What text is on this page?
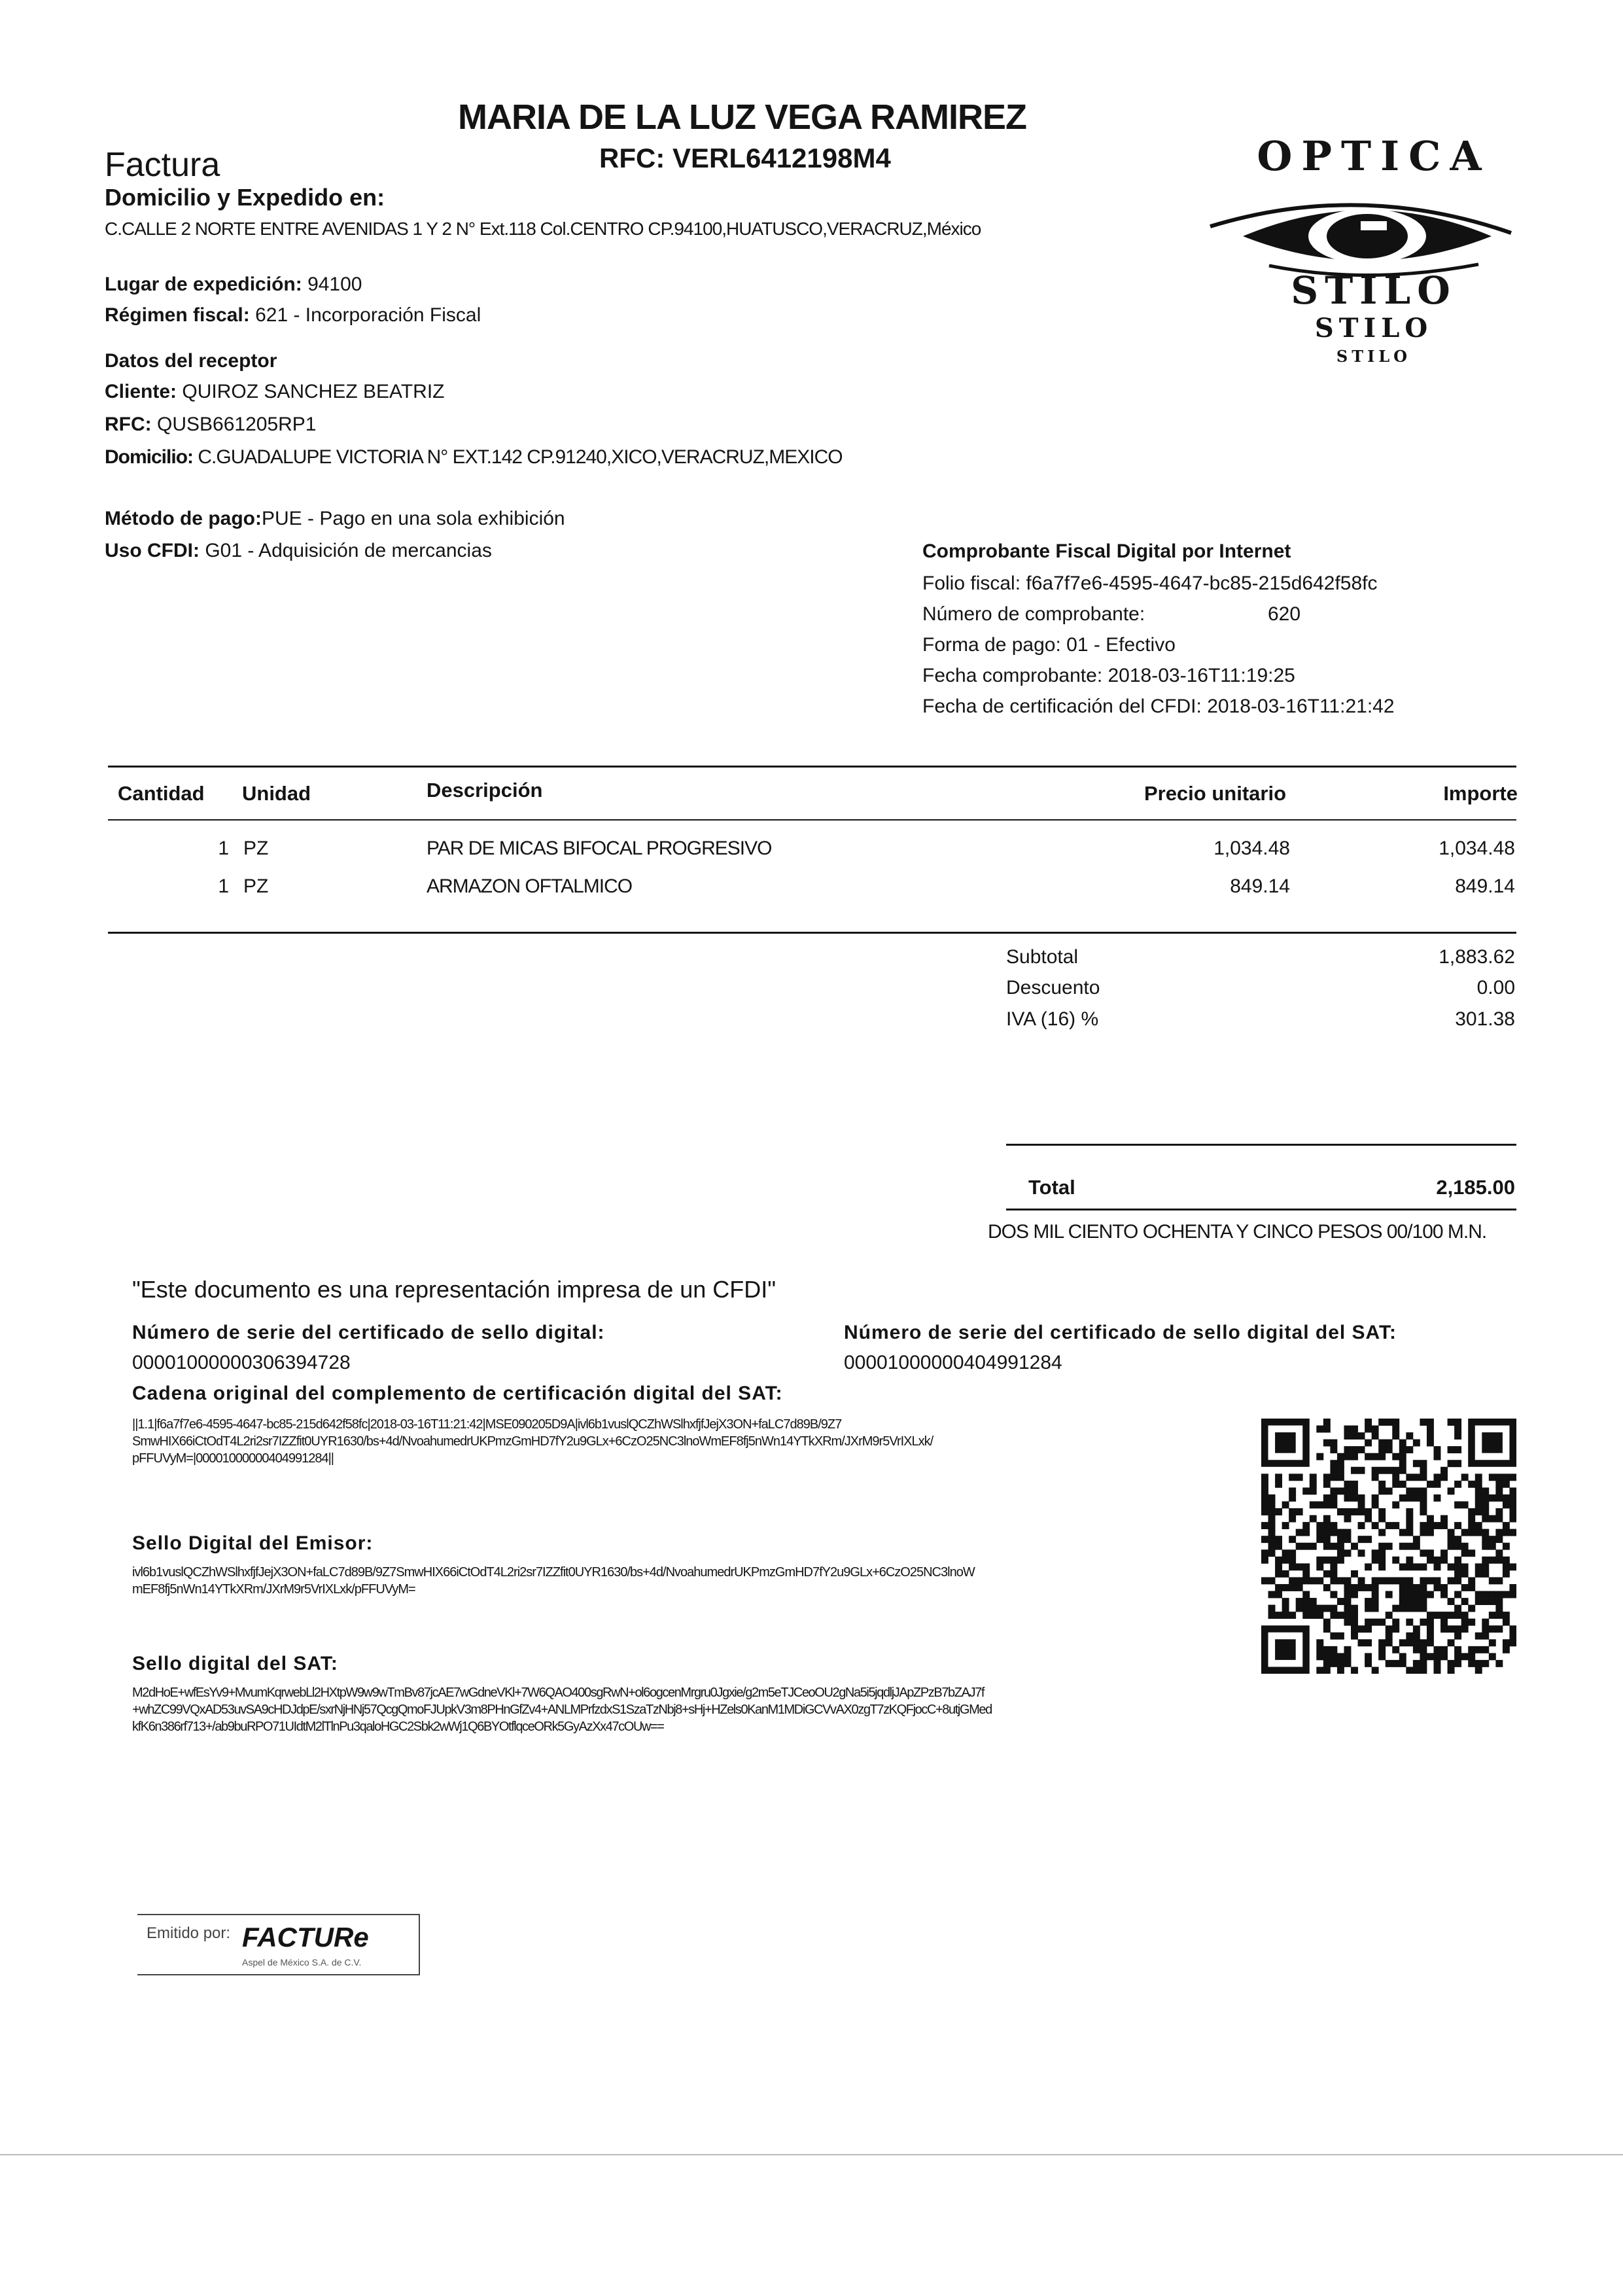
MARIA DE LA LUZ VEGA RAMIREZ
RFC: VERL6412198M4
Factura
Domicilio y Expedido en:
C.CALLE 2 NORTE ENTRE AVENIDAS 1 Y 2 N° Ext.118 Col.CENTRO CP.94100,HUATUSCO,VERACRUZ,México
OPTICA
STILO
STILO
STILO
Lugar de expedición: 94100
Régimen fiscal: 621 - Incorporación Fiscal
Datos del receptor
Cliente: QUIROZ SANCHEZ BEATRIZ
RFC: QUSB661205RP1
Domicilio: C.GUADALUPE VICTORIA N° EXT.142 CP.91240,XICO,VERACRUZ,MEXICO
Método de pago:PUE - Pago en una sola exhibición
Uso CFDI: G01 - Adquisición de mercancias	Comprobante Fiscal Digital por Internet
Folio fiscal: f6a7f7e6-4595-4647-bc85-215d642f58fc
Número de comprobante:	620
Forma de pago: 01 - Efectivo
Fecha comprobante: 2018-03-16T11:19:25
Fecha de certificación del CFDI: 2018-03-16T11:21:42
Cantidad Unidad	Descripción	Precio unitario	Importe
1 PZ	PAR DE MICAS BIFOCAL PROGRESIVO	1,034.48	1,034.48
1 PZ	ARMAZON OFTALMICO	849.14	849.14
Subtotal	1,883.62
Descuento	0.00
IVA (16) %	301.38
Total	2,185.00
DOS MIL CIENTO OCHENTA Y CINCO PESOS 00/100 M.N.
"Este documento es una representación impresa de un CFDI"
Número de serie del certificado de sello digital:
00001000000306394728
Número de serie del certificado de sello digital del SAT:
00001000000404991284
Cadena original del complemento de certificación digital del SAT:
||1.1|f6a7f7e6-4595-4647-bc85-215d642f58fc|2018-03-16T11:21:42|MSE090205D9A|ivl6b1vuslQCZhWSlhxfjfJejX3ON+faLC7d89B/9Z7
SmwHIX66iCtOdT4L2ri2sr7IZZfit0UYR1630/bs+4d/NvoahumedrUKPmzGmHD7fY2u9GLx+6CzO25NC3lnoWmEF8fj5nWn14YTkXRm/JXrM9r5VrIXLxk/
pFFUVyM=|00001000000404991284||
Sello Digital del Emisor:
ivl6b1vuslQCZhWSlhxfjfJejX3ON+faLC7d89B/9Z7SmwHIX66iCtOdT4L2ri2sr7IZZfit0UYR1630/bs+4d/NvoahumedrUKPmzGmHD7fY2u9GLx+6CzO25NC3lnoW
mEF8fj5nWn14YTkXRm/JXrM9r5VrIXLxk/pFFUVyM=
Sello digital del SAT:
M2dHoE+wfEsYv9+MvumKqrwebLl2HXtpW9w9wTmBv87jcAE7wGdneVKl+7W6QAO400sgRwN+ol6ogcenMrgru0Jgxie/g2m5eTJCeoOU2gNa5i5jqdljJApZPzB7bZAJ7f
+whZC99VQxAD53uvSA9cHDJdpE/sxrNjHNj57QcgQmoFJUpkV3m8PHnGfZv4+ANLMPrfzdxS1SzaTzNbj8+sHj+HZels0KanM1MDiGCVvAX0zgT7zKQFjocC+8utjGMed
kfK6n386rf713+/ab9buRPO71UIdtM2lTlnPu3qaloHGC2Sbk2wWj1Q6BYOtflqceORk5GyAzXx47cOUw==
Emitido por: FACTURe
Aspel de México S.A. de C.V.
